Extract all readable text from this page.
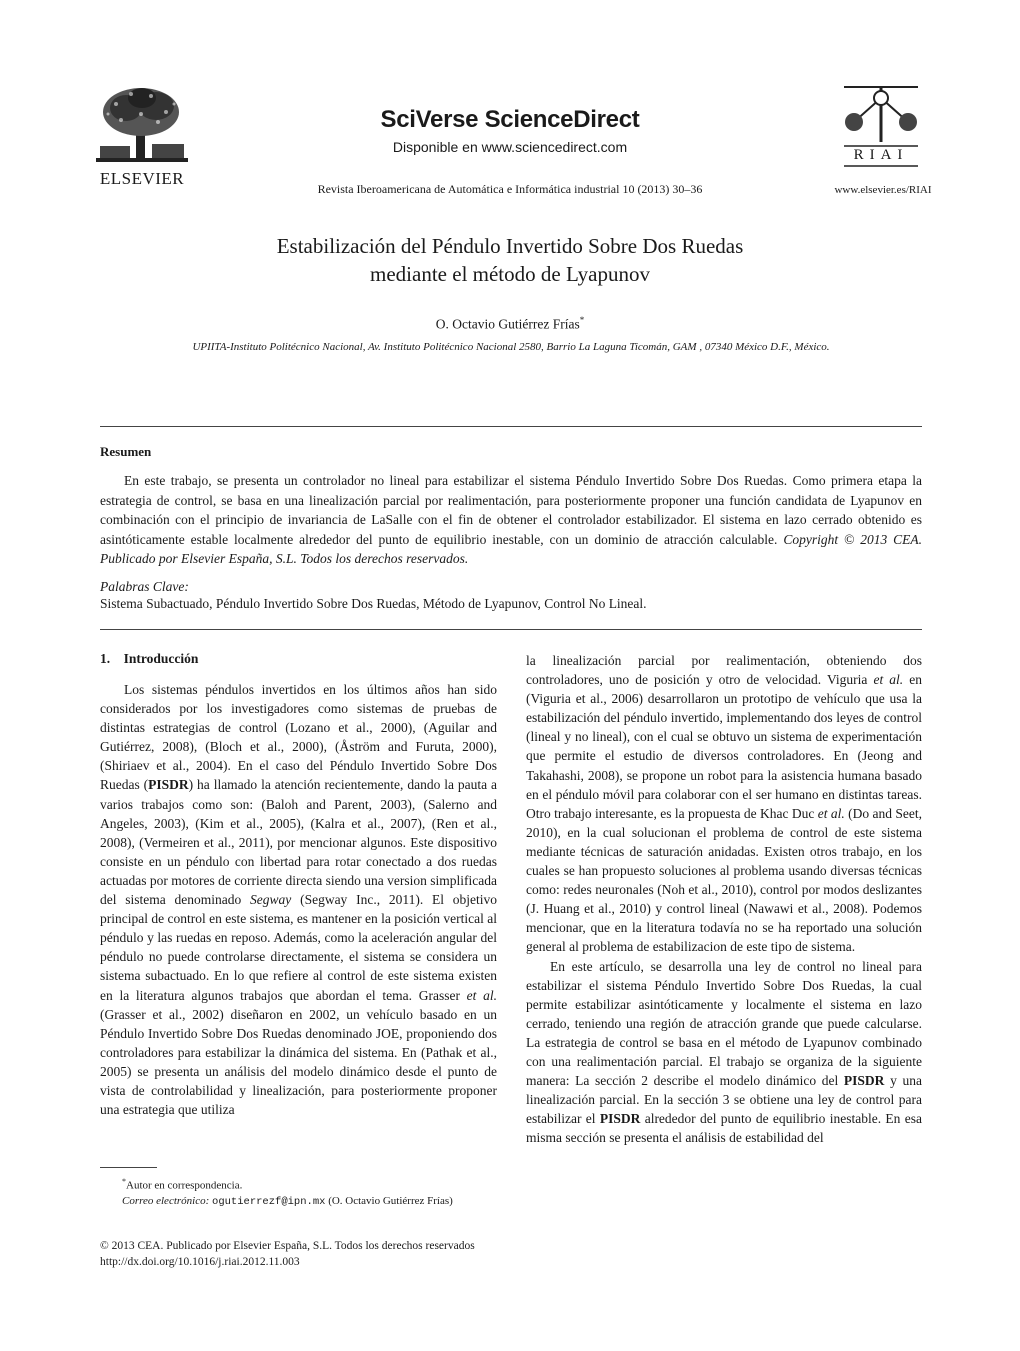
ELSEVIER
SciVerse ScienceDirect
Disponible en www.sciencedirect.com
Revista Iberoamericana de Automática e Informática industrial 10 (2013) 30–36
RIAI
www.elsevier.es/RIAI
Estabilización del Péndulo Invertido Sobre Dos Ruedas
mediante el método de Lyapunov
O. Octavio Gutiérrez Frías*
UPIITA-Instituto Politécnico Nacional, Av. Instituto Politécnico Nacional 2580, Barrio La Laguna Ticomán, GAM , 07340 México D.F., México.
Resumen

En este trabajo, se presenta un controlador no lineal para estabilizar el sistema Péndulo Invertido Sobre Dos Ruedas. Como primera etapa la estrategia de control, se basa en una linealización parcial por realimentación, para posteriormente proponer una función candidata de Lyapunov en combinación con el principio de invariancia de LaSalle con el fin de obtener el controlador estabilizador. El sistema en lazo cerrado obtenido es asintóticamente estable localmente alrededor del punto de equilibrio inestable, con un dominio de atracción calculable. Copyright © 2013 CEA. Publicado por Elsevier España, S.L. Todos los derechos reservados.

Palabras Clave:
Sistema Subactuado, Péndulo Invertido Sobre Dos Ruedas, Método de Lyapunov, Control No Lineal.
1.    Introducción

Los sistemas péndulos invertidos en los últimos años han sido considerados por los investigadores como sistemas de pruebas de distintas estrategias de control (Lozano et al., 2000), (Aguilar and Gutiérrez, 2008), (Bloch et al., 2000), (Åström and Furuta, 2000), (Shiriaev et al., 2004). En el caso del Péndulo Invertido Sobre Dos Ruedas (PISDR) ha llamado la atención recientemente, dando la pauta a varios trabajos como son: (Baloh and Parent, 2003), (Salerno and Angeles, 2003), (Kim et al., 2005), (Kalra et al., 2007), (Ren et al., 2008), (Vermeiren et al., 2011), por mencionar algunos. Este dispositivo consiste en un péndulo con libertad para rotar conectado a dos ruedas actuadas por motores de corriente directa siendo una version simplificada del sistema denominado Segway (Segway Inc., 2011). El objetivo principal de control en este sistema, es mantener en la posición vertical al péndulo y las ruedas en reposo. Además, como la aceleración angular del péndulo no puede controlarse directamente, el sistema se considera un sistema subactuado. En lo que refiere al control de este sistema existen en la literatura algunos trabajos que abordan el tema. Grasser et al. (Grasser et al., 2002) diseñaron en 2002, un vehículo basado en un Péndulo Invertido Sobre Dos Ruedas denominado JOE, proponiendo dos controladores para estabilizar la dinámica del sistema. En (Pathak et al., 2005) se presenta un análisis del modelo dinámico desde el punto de vista de controlabilidad y linealización, para posteriormente proponer una estrategia que utiliza

la linealización parcial por realimentación, obteniendo dos controladores, uno de posición y otro de velocidad. Viguria et al. en (Viguria et al., 2006) desarrollaron un prototipo de vehículo que usa la estabilización del péndulo invertido, implementando dos leyes de control (lineal y no lineal), con el cual se obtuvo un sistema de experimentación que permite el estudio de diversos controladores. En (Jeong and Takahashi, 2008), se propone un robot para la asistencia humana basado en el péndulo móvil para colaborar con el ser humano en distintas tareas. Otro trabajo interesante, es la propuesta de Khac Duc et al. (Do and Seet, 2010), en la cual solucionan el problema de control de este sistema mediante técnicas de saturación anidadas. Existen otros trabajo, en los cuales se han propuesto soluciones al problema usando diversas técnicas como: redes neuronales (Noh et al., 2010), control por modos deslizantes (J. Huang et al., 2010) y control lineal (Nawawi et al., 2008). Podemos mencionar, que en la literatura todavía no se ha reportado una solución general al problema de estabilizacion de este tipo de sistema.

En este artículo, se desarrolla una ley de control no lineal para estabilizar el sistema Péndulo Invertido Sobre Dos Ruedas, la cual permite estabilizar asintóticamente y localmente el sistema en lazo cerrado, teniendo una región de atracción grande que puede calcularse. La estrategia de control se basa en el método de Lyapunov combinado con una realimentación parcial. El trabajo se organiza de la siguiente manera: La sección 2 describe el modelo dinámico del PISDR y una linealización parcial. En la sección 3 se obtiene una ley de control para estabilizar el PISDR alrededor del punto de equilibrio inestable. En esa misma sección se presenta el análisis de estabilidad del

*Autor en correspondencia.
Correo electrónico: ogutierrezf@ipn.mx (O. Octavio Gutiérrez Frías)
© 2013 CEA. Publicado por Elsevier España, S.L. Todos los derechos reservados
http://dx.doi.org/10.1016/j.riai.2012.11.003
